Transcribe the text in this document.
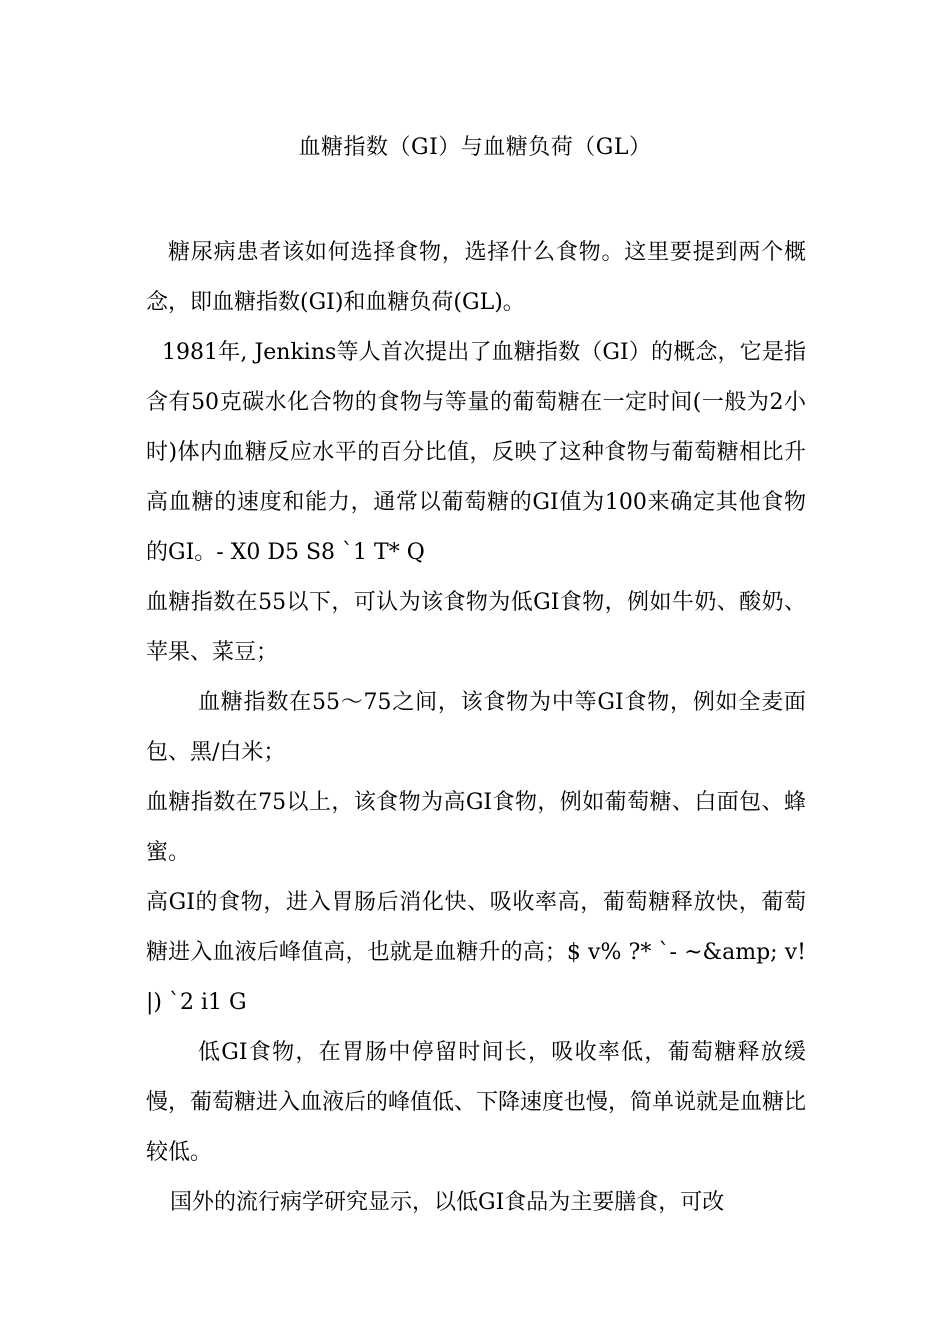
血糖指数（GI）与血糖负荷（GL）

糖尿病患者该如何选择食物，选择什么食物。这里要提到两个概念，即血糖指数(GI)和血糖负荷(GL)。

1981年, Jenkins等人首次提出了血糖指数（GI）的概念，它是指含有50克碳水化合物的食物与等量的葡萄糖在一定时间(一般为2小时)体内血糖反应水平的百分比值，反映了这种食物与葡萄糖相比升高血糖的速度和能力，通常以葡萄糖的GI值为100来确定其他食物的GI。- X0 D5 S8 `1 T* Q

血糖指数在55以下，可认为该食物为低GI食物，例如牛奶、酸奶、苹果、菜豆；

血糖指数在55～75之间，该食物为中等GI食物，例如全麦面包、黑/白米；

血糖指数在75以上，该食物为高GI食物，例如葡萄糖、白面包、蜂蜜。

高GI的食物，进入胃肠后消化快、吸收率高，葡萄糖释放快，葡萄糖进入血液后峰值高，也就是血糖升的高；$ v% ?* `- ~&amp; v! |) `2 i1 G

低GI食物，在胃肠中停留时间长，吸收率低，葡萄糖释放缓慢，葡萄糖进入血液后的峰值低、下降速度也慢，简单说就是血糖比较低。

国外的流行病学研究显示，以低GI食品为主要膳食，可改
